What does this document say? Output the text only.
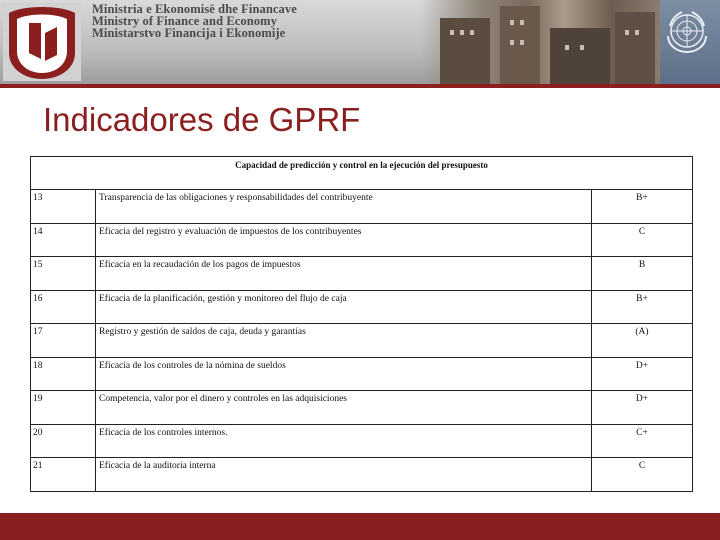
Ministria e Ekonomisë dhe Financave
Ministry of Finance and Economy
Ministarstvo Financija i Ekonomije
Indicadores de GPRF
Capacidad de predicción y control en la ejecución del presupuesto		
13	Transparencia de las obligaciones y responsabilidades del contribuyente	B+
14	Eficacia del registro y evaluación de impuestos de los contribuyentes	C
15	Eficacia en la recaudación de los pagos de impuestos	B
16	Eficacia de la planificación, gestión y monitoreo del flujo de caja	B+
17	Registro y gestión de saldos de caja, deuda y garantías	(A)
18	Eficacia de los controles de la nómina de sueldos	D+
19	Competencia, valor por el dinero y controles en las adquisiciones	D+
20	Eficacia de los controles internos.	C+
21	Eficacia de la auditoría interna	C
